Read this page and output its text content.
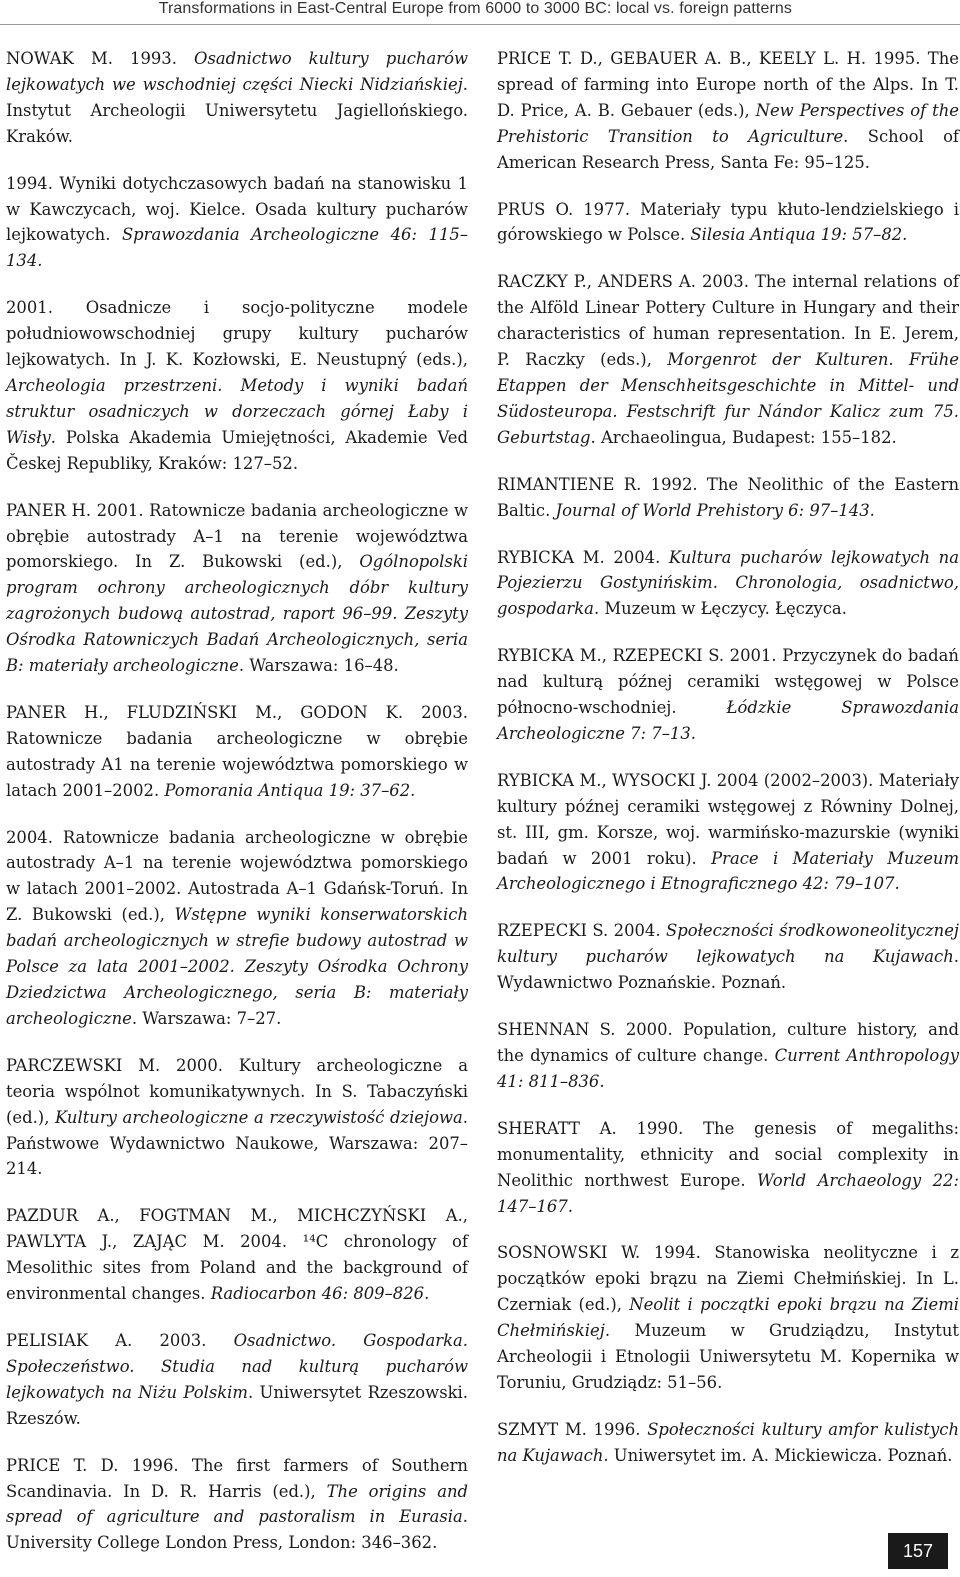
Transformations in East-Central Europe from 6000 to 3000 BC: local vs. foreign patterns

NOWAK M. 1993. Osadnictwo kultury pucharów lejkowatych we wschodniej części Niecki Nidziańskiej. Instytut Archeologii Uniwersytetu Jagiellońskiego. Kraków.

1994. Wyniki dotychczasowych badań na stanowisku 1 w Kawczycach, woj. Kielce. Osada kultury pucharów lejkowatych. Sprawozdania Archeologiczne 46: 115–134.

2001. Osadnicze i socjo-polityczne modele południowowschodniej grupy kultury pucharów lejkowatych. In J. K. Kozłowski, E. Neustupný (eds.), Archeologia przestrzeni. Metody i wyniki badań struktur osadniczych w dorzeczach górnej Łaby i Wisły. Polska Akademia Umiejętności, Akademie Ved Českej Republiky, Kraków: 127–52.

PANER H. 2001. Ratownicze badania archeologiczne w obrębie autostrady A–1 na terenie województwa pomorskiego. In Z. Bukowski (ed.), Ogólnopolski program ochrony archeologicznych dóbr kultury zagrożonych budową autostrad, raport 96–99. Zeszyty Ośrodka Ratowniczych Badań Archeologicznych, seria B: materiały archeologiczne. Warszawa: 16–48.

PANER H., FLUDZIŃSKI M., GODON K. 2003. Ratownicze badania archeologiczne w obrębie autostrady A1 na terenie województwa pomorskiego w latach 2001–2002. Pomorania Antiqua 19: 37–62.

2004. Ratownicze badania archeologiczne w obrębie autostrady A–1 na terenie województwa pomorskiego w latach 2001–2002. Autostrada A–1 Gdańsk-Toruń. In Z. Bukowski (ed.), Wstępne wyniki konserwatorskich badań archeologicznych w strefie budowy autostrad w Polsce za lata 2001–2002. Zeszyty Ośrodka Ochrony Dziedzictwa Archeologicznego, seria B: materiały archeologiczne. Warszawa: 7–27.

PARCZEWSKI M. 2000. Kultury archeologiczne a teoria wspólnot komunikatywnych. In S. Tabaczyński (ed.), Kultury archeologiczne a rzeczywistość dziejowa. Państwowe Wydawnictwo Naukowe, Warszawa: 207–214.

PAZDUR A., FOGTMAN M., MICHCZYŃSKI A., PAWLYTA J., ZAJĄC M. 2004. ¹⁴C chronology of Mesolithic sites from Poland and the background of environmental changes. Radiocarbon 46: 809–826.

PELISIAK A. 2003. Osadnictwo. Gospodarka. Społeczeństwo. Studia nad kulturą pucharów lejkowatych na Niżu Polskim. Uniwersytet Rzeszowski. Rzeszów.

PRICE T. D. 1996. The first farmers of Southern Scandinavia. In D. R. Harris (ed.), The origins and spread of agriculture and pastoralism in Eurasia. University College London Press, London: 346–362.

PRICE T. D., GEBAUER A. B., KEELY L. H. 1995. The spread of farming into Europe north of the Alps. In T. D. Price, A. B. Gebauer (eds.), New Perspectives of the Prehistoric Transition to Agriculture. School of American Research Press, Santa Fe: 95–125.

PRUS O. 1977. Materiały typu kłuto-lendzielskiego i górowskiego w Polsce. Silesia Antiqua 19: 57–82.

RACZKY P., ANDERS A. 2003. The internal relations of the Alföld Linear Pottery Culture in Hungary and their characteristics of human representation. In E. Jerem, P. Raczky (eds.), Morgenrot der Kulturen. Frühe Etappen der Menschheitsgeschichte in Mittel- und Südosteuropa. Festschrift fur Nándor Kalicz zum 75. Geburtstag. Archaeolingua, Budapest: 155–182.

RIMANTIENE R. 1992. The Neolithic of the Eastern Baltic. Journal of World Prehistory 6: 97–143.

RYBICKA M. 2004. Kultura pucharów lejkowatych na Pojezierzu Gostynińskim. Chronologia, osadnictwo, gospodarka. Muzeum w Łęczycy. Łęczyca.

RYBICKA M., RZEPECKI S. 2001. Przyczynek do badań nad kulturą późnej ceramiki wstęgowej w Polsce północno-wschodniej. Łódzkie Sprawozdania Archeologiczne 7: 7–13.

RYBICKA M., WYSOCKI J. 2004 (2002–2003). Materiały kultury późnej ceramiki wstęgowej z Równiny Dolnej, st. III, gm. Korsze, woj. warmińsko-mazurskie (wyniki badań w 2001 roku). Prace i Materiały Muzeum Archeologicznego i Etnograficznego 42: 79–107.

RZEPECKI S. 2004. Społeczności środkowoneolitycznej kultury pucharów lejkowatych na Kujawach. Wydawnictwo Poznańskie. Poznań.

SHENNAN S. 2000. Population, culture history, and the dynamics of culture change. Current Anthropology 41: 811–836.

SHERATT A. 1990. The genesis of megaliths: monumentality, ethnicity and social complexity in Neolithic northwest Europe. World Archaeology 22: 147–167.

SOSNOWSKI W. 1994. Stanowiska neolityczne i z początków epoki brązu na Ziemi Chełmińskiej. In L. Czerniak (ed.), Neolit i początki epoki brązu na Ziemi Chełmińskiej. Muzeum w Grudziądzu, Instytut Archeologii i Etnologii Uniwersytetu M. Kopernika w Toruniu, Grudziądz: 51–56.

SZMYT M. 1996. Społeczności kultury amfor kulistych na Kujawach. Uniwersytet im. A. Mickiewicza. Poznań.

157
